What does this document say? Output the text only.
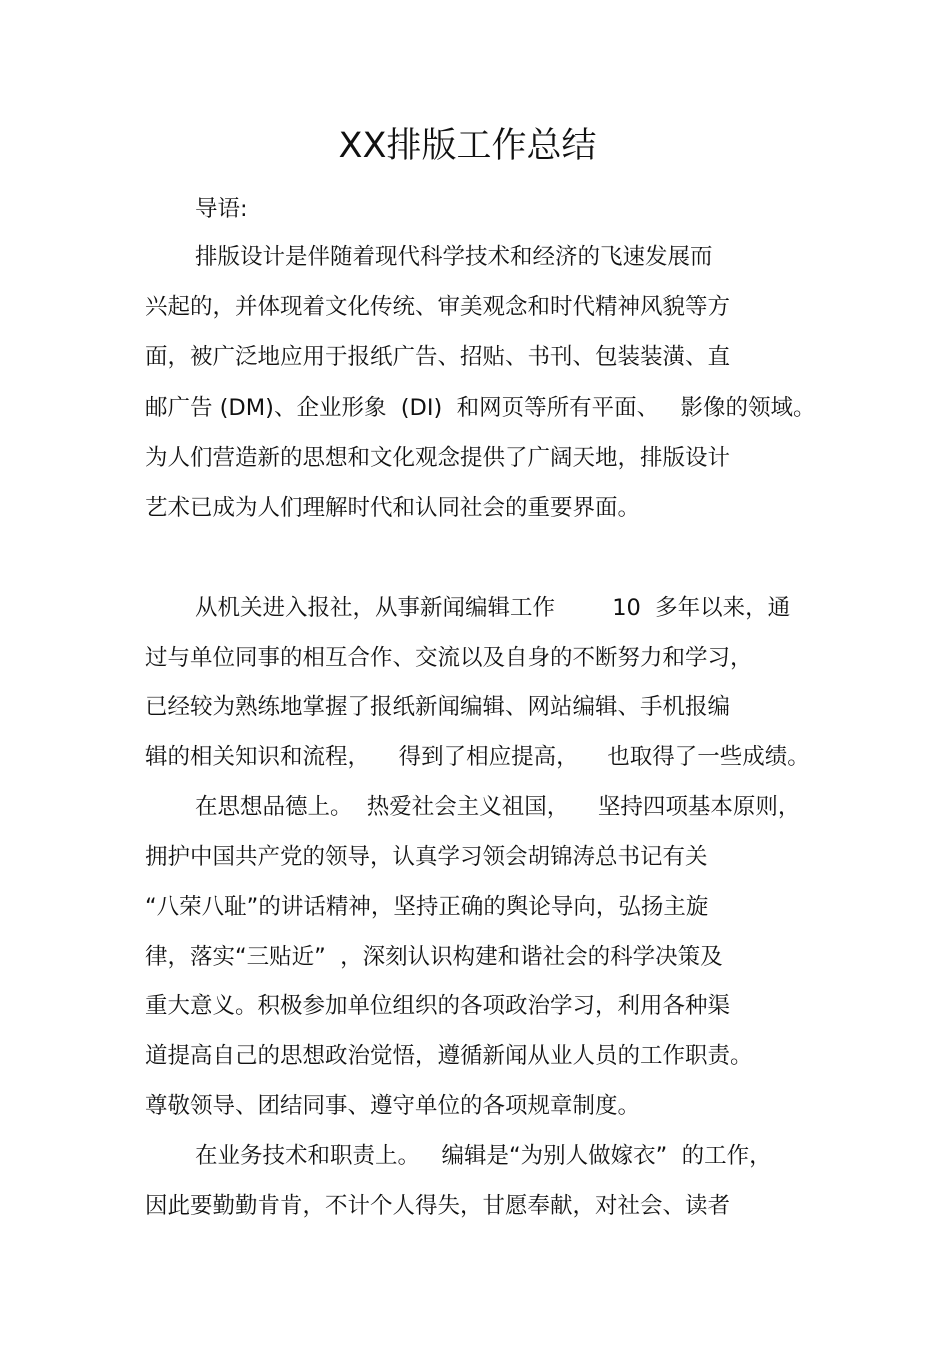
XX排版工作总结

导语:

排版设计是伴随着现代科学技术和经济的飞速发展而

兴起的，并体现着文化传统、审美观念和时代精神风貌等方

面，被广泛地应用于报纸广告、招贴、书刊、包装装潢、直

邮广告 (DM)、企业形象  (DI)  和网页等所有平面、   影像的领域。

为人们营造新的思想和文化观念提供了广阔天地，排版设计

艺术已成为人们理解时代和认同社会的重要界面。

从机关进入报社，从事新闻编辑工作        10  多年以来，通

过与单位同事的相互合作、交流以及自身的不断努力和学习，

已经较为熟练地掌握了报纸新闻编辑、网站编辑、手机报编

辑的相关知识和流程，    得到了相应提高，    也取得了一些成绩。

在思想品德上。  热爱社会主义祖国，    坚持四项基本原则，

拥护中国共产党的领导，认真学习领会胡锦涛总书记有关

“八荣八耻”的讲话精神，坚持正确的舆论导向，弘扬主旋

律，落实“三贴近”  ，深刻认识构建和谐社会的科学决策及

重大意义。积极参加单位组织的各项政治学习，利用各种渠

道提高自己的思想政治觉悟，遵循新闻从业人员的工作职责。

尊敬领导、团结同事、遵守单位的各项规章制度。

在业务技术和职责上。   编辑是“为别人做嫁衣”  的工作，

因此要勤勤肯肯，不计个人得失，甘愿奉献，对社会、读者
